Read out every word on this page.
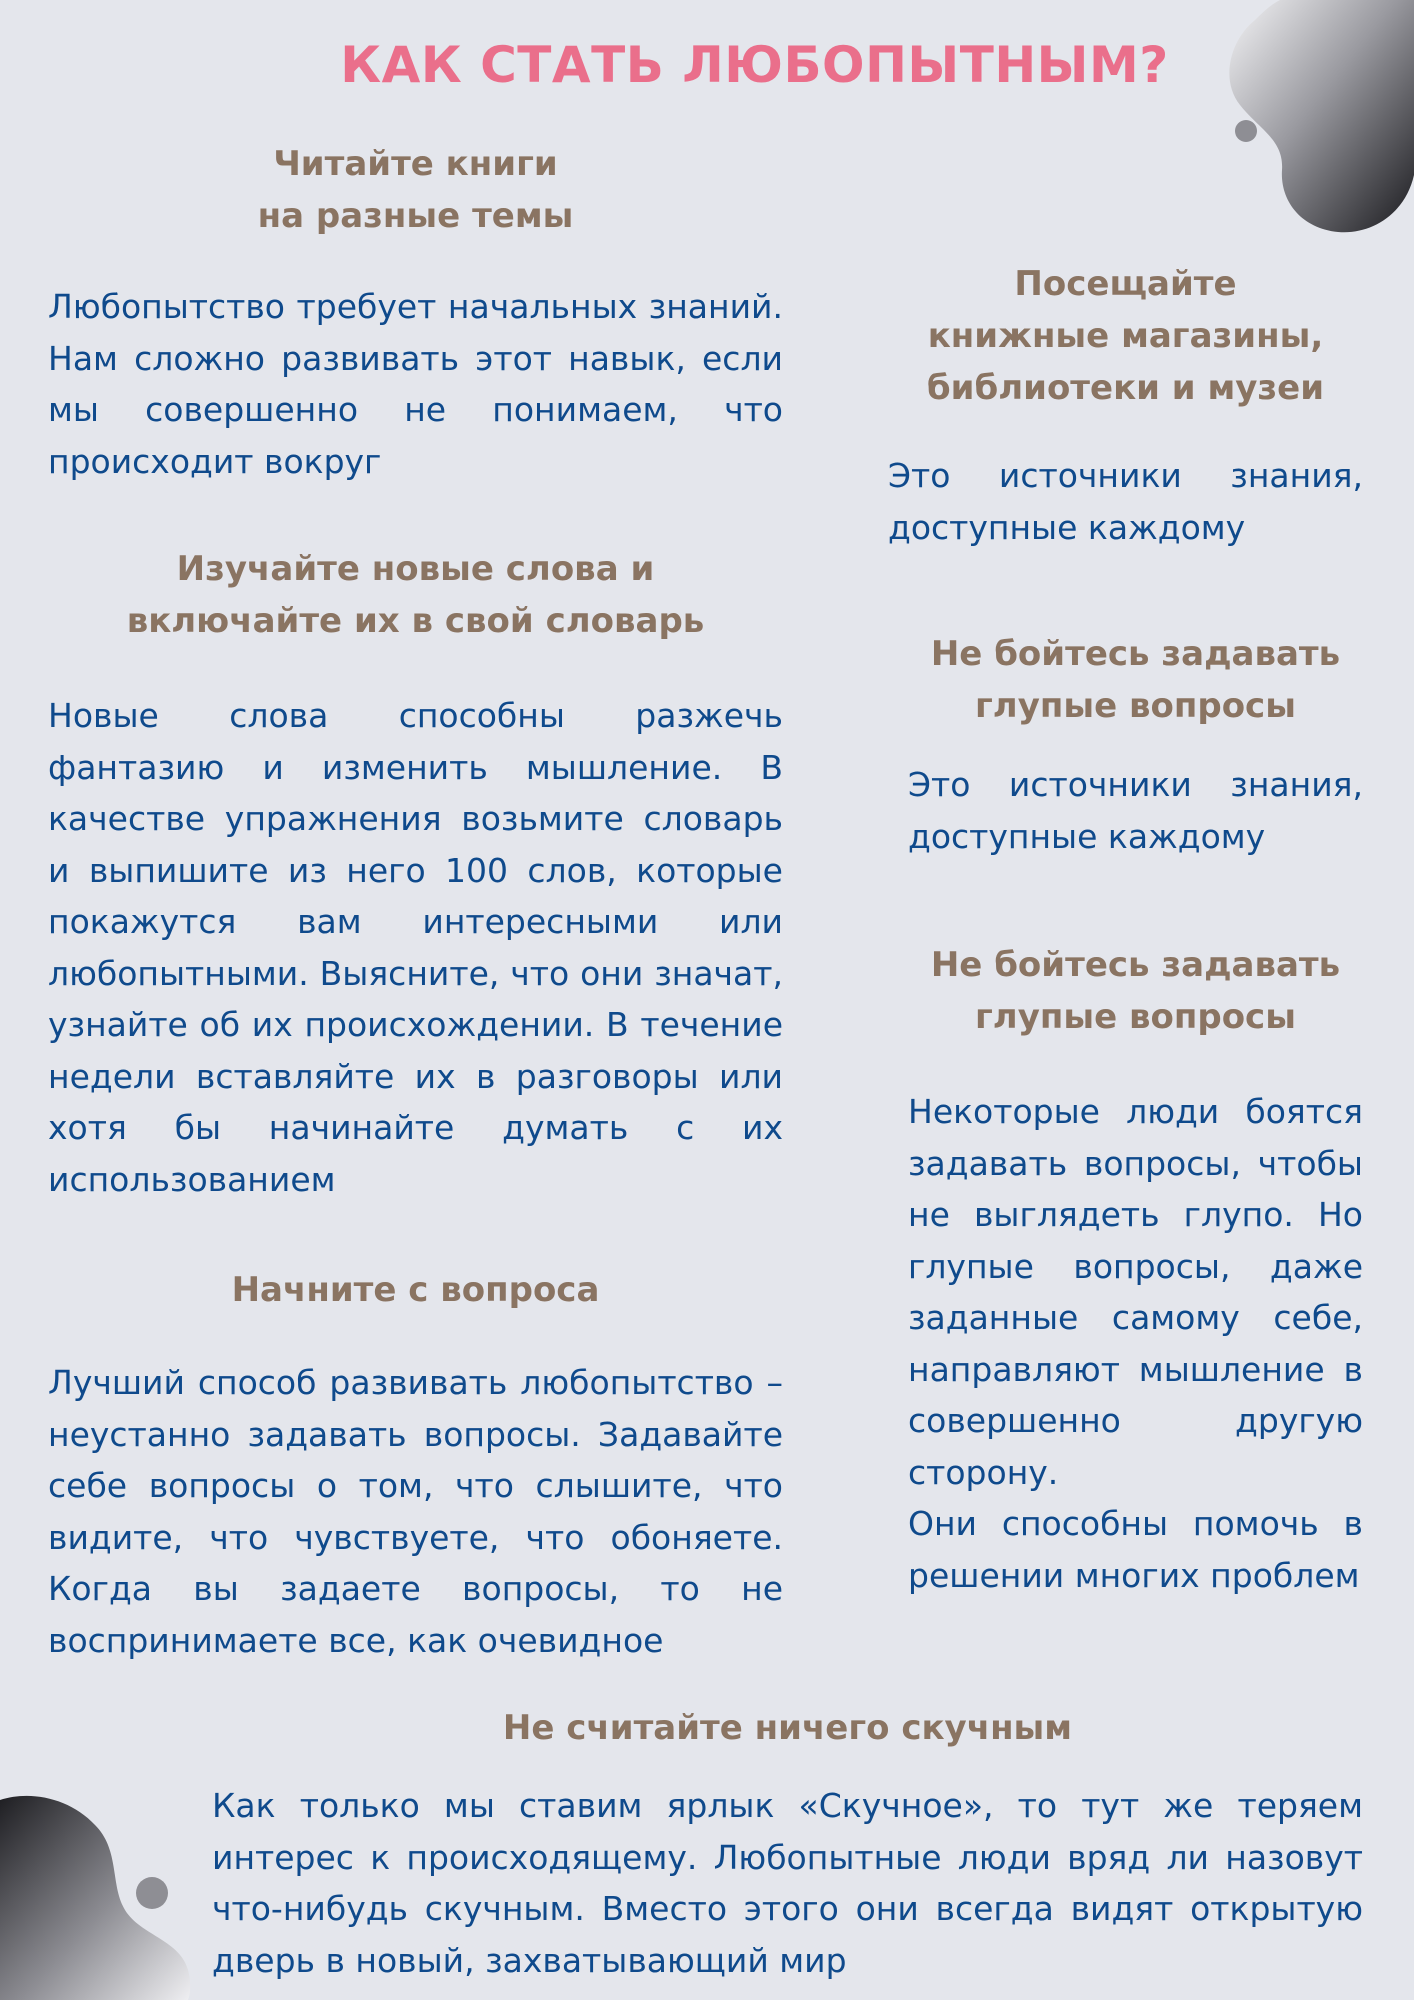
КАК СТАТЬ ЛЮБОПЫТНЫМ?
Читайте книги
на разные темы

Любопытство требует начальных знаний. Нам сложно развивать этот навык, если мы совершенно не понимаем, что происходит вокруг

Изучайте новые слова и
включайте их в свой словарь

Новые слова способны разжечь фантазию и изменить мышление. В качестве упражнения возьмите словарь и выпишите из него 100 слов, которые покажутся вам интересными или любопытными. Выясните, что они значат, узнайте об их происхождении. В течение недели вставляйте их в разговоры или хотя бы начинайте думать с их использованием

Начните с вопроса

Лучший способ развивать любопытство – неустанно задавать вопросы. Задавайте себе вопросы о том, что слышите, что видите, что чувствуете, что обоняете. Когда вы задаете вопросы, то не воспринимаете все, как очевидное

Посещайте
книжные магазины,
библиотеки и музеи

Это источники знания, доступные каждому

Не бойтесь задавать
глупые вопросы

Это источники знания, доступные каждому

Не бойтесь задавать
глупые вопросы
Некоторые люди боятся задавать вопросы, чтобы не выглядеть глупо. Но глупые вопросы, даже заданные самому себе, направляют мышление в совершенно другую сторону.
Они способны помочь в решении многих проблем
Не считайте ничего скучным

Как только мы ставим ярлык «Скучное», то тут же теряем интерес к происходящему. Любопытные люди вряд ли назовут что-нибудь скучным. Вместо этого они всегда видят открытую дверь в новый, захватывающий мир
